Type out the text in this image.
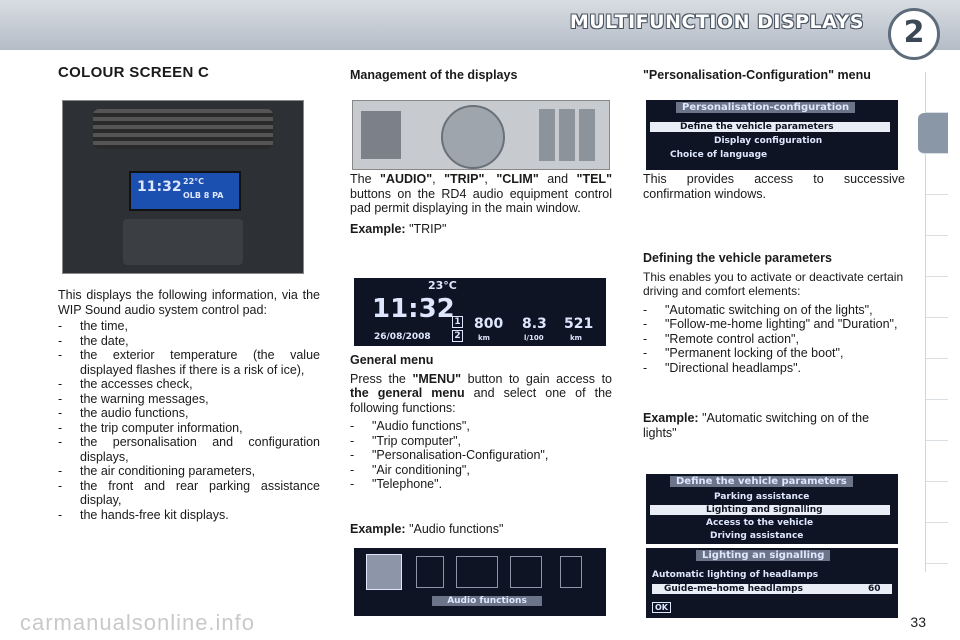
MULTIFUNCTION DISPLAYS	2
COLOUR SCREEN C
11:32 22°C
OLB 8 PA

This displays the following information, via the WIP Sound audio system control pad:

- the time,
- the date,
- the exterior temperature (the value displayed flashes if there is a risk of ice),
- the accesses check,
- the warning messages,
- the audio functions,
- the trip computer information,
- the personalisation and configuration displays,
- the air conditioning parameters,
- the front and rear parking assistance display,
- the hands-free kit displays.
Management of the displays

The "AUDIO", "TRIP", "CLIM" and "TEL" buttons on the RD4 audio equipment control pad permit displaying in the main window.

Example: "TRIP"

23°C
11:32
26/08/2008
1
2
800
km
8.3
l/100
521
km
General menu

Press the "MENU" button to gain access to the general menu and select one of the following functions:

- "Audio functions",
- "Trip computer",
- "Personalisation-Configuration",
- "Air conditioning",
- "Telephone".

Example: "Audio functions"

Audio functions
"Personalisation-Configuration" menu
Personalisation-configuration
Define the vehicle parameters
Display configuration
Choice of language

This provides access to successive confirmation windows.

Defining the vehicle parameters

This enables you to activate or deactivate certain driving and comfort elements:

- "Automatic switching on of the lights",
- "Follow-me-home lighting" and "Duration",
- "Remote control action",
- "Permanent locking of the boot",
- "Directional headlamps".

Example: "Automatic switching on of the lights"

Define the vehicle parameters
Parking assistance
Lighting and signalling
Access to the vehicle
Driving assistance
Lighting an signalling
Automatic lighting of headlamps
Guide-me-home headlamps	60
OK
33
carmanualsonline.info
